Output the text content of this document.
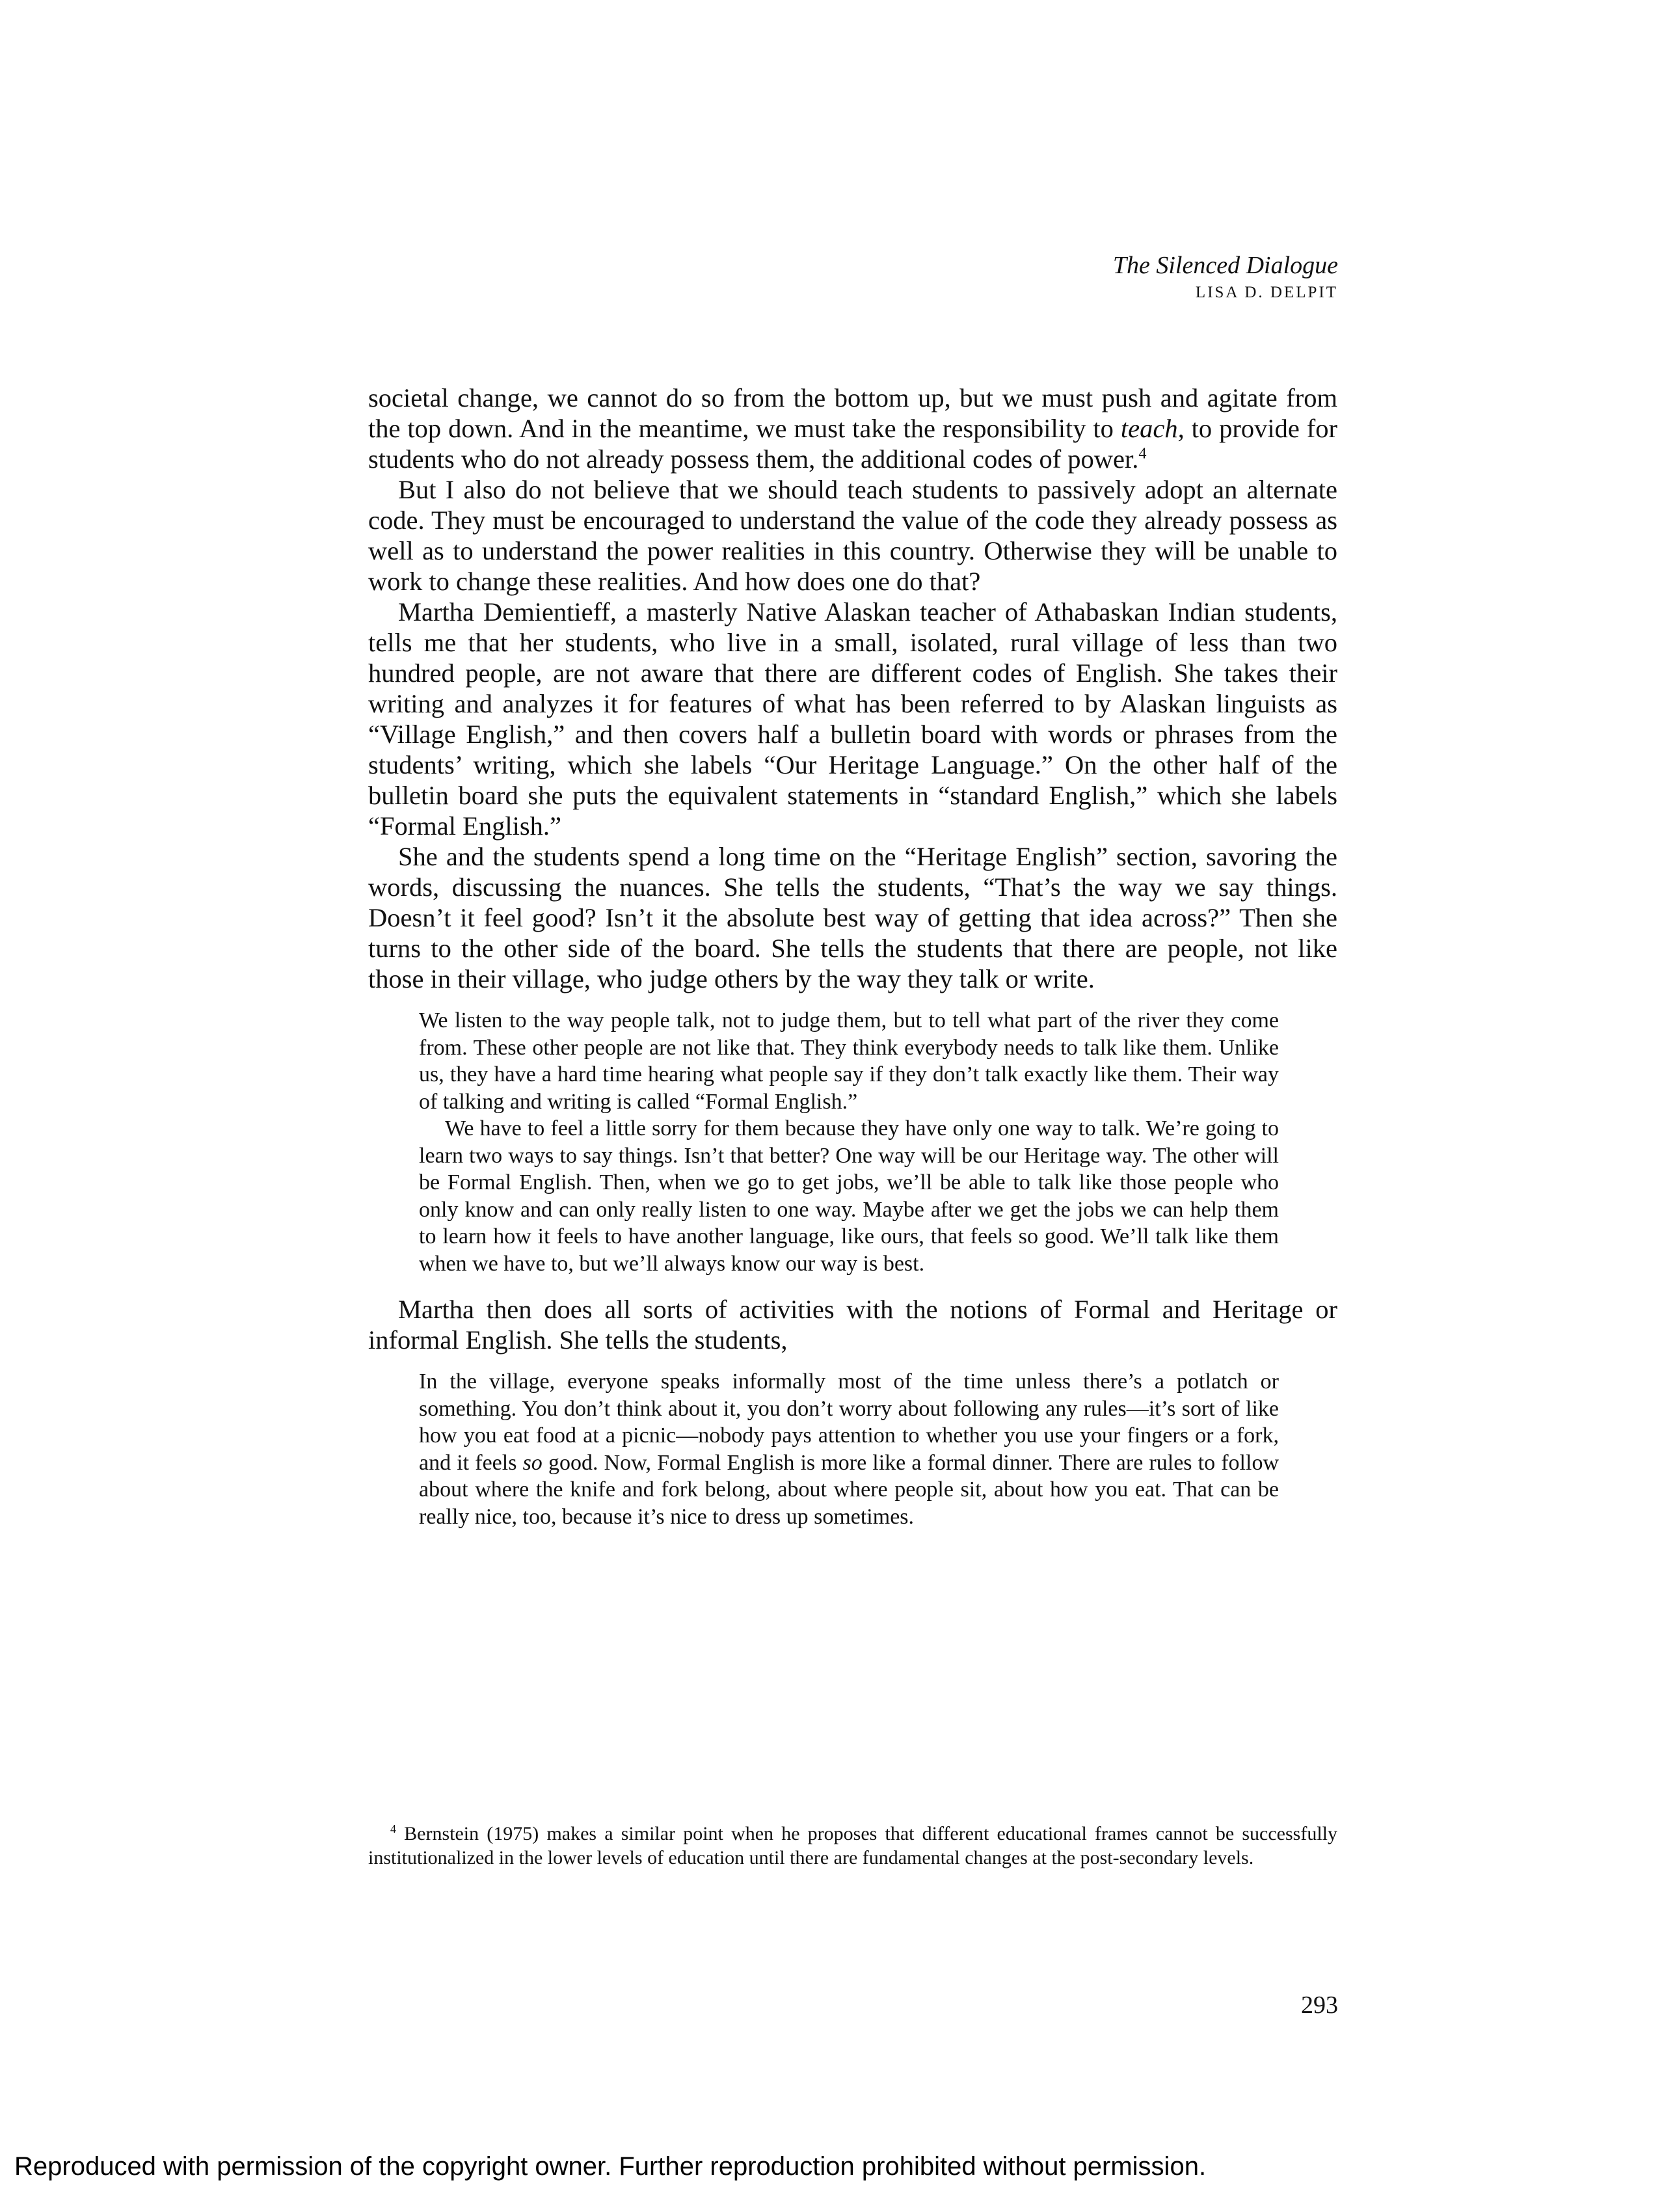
The Silenced Dialogue
LISA D. DELPIT

societal change, we cannot do so from the bottom up, but we must push and agitate from the top down. And in the meantime, we must take the responsibility to teach, to provide for students who do not already possess them, the additional codes of power.$^4$

But I also do not believe that we should teach students to passively adopt an alternate code. They must be encouraged to understand the value of the code they already possess as well as to understand the power realities in this country. Otherwise they will be unable to work to change these realities. And how does one do that?

Martha Demientieff, a masterly Native Alaskan teacher of Athabaskan Indian students, tells me that her students, who live in a small, isolated, rural village of less than two hundred people, are not aware that there are different codes of English. She takes their writing and analyzes it for features of what has been referred to by Alaskan linguists as “Village English,” and then covers half a bulletin board with words or phrases from the students’ writing, which she labels “Our Heritage Language.” On the other half of the bulletin board she puts the equivalent statements in “standard English,” which she labels “Formal English.”

She and the students spend a long time on the “Heritage English” section, savoring the words, discussing the nuances. She tells the students, “That’s the way we say things. Doesn’t it feel good? Isn’t it the absolute best way of getting that idea across?” Then she turns to the other side of the board. She tells the students that there are people, not like those in their village, who judge others by the way they talk or write.

We listen to the way people talk, not to judge them, but to tell what part of the river they come from. These other people are not like that. They think everybody needs to talk like them. Unlike us, they have a hard time hearing what people say if they don’t talk exactly like them. Their way of talking and writing is called “Formal English.”

We have to feel a little sorry for them because they have only one way to talk. We’re going to learn two ways to say things. Isn’t that better? One way will be our Heritage way. The other will be Formal English. Then, when we go to get jobs, we’ll be able to talk like those people who only know and can only really listen to one way. Maybe after we get the jobs we can help them to learn how it feels to have another language, like ours, that feels so good. We’ll talk like them when we have to, but we’ll always know our way is best.

Martha then does all sorts of activities with the notions of Formal and Heritage or informal English. She tells the students,

In the village, everyone speaks informally most of the time unless there’s a potlatch or something. You don’t think about it, you don’t worry about following any rules—it’s sort of like how you eat food at a picnic—nobody pays attention to whether you use your fingers or a fork, and it feels so good. Now, Formal English is more like a formal dinner. There are rules to follow about where the knife and fork belong, about where people sit, about how you eat. That can be really nice, too, because it’s nice to dress up sometimes.

$^4$ Bernstein (1975) makes a similar point when he proposes that different educational frames cannot be successfully institutionalized in the lower levels of education until there are fundamental changes at the post-secondary levels.

293
Reproduced with permission of the copyright owner. Further reproduction prohibited without permission.
